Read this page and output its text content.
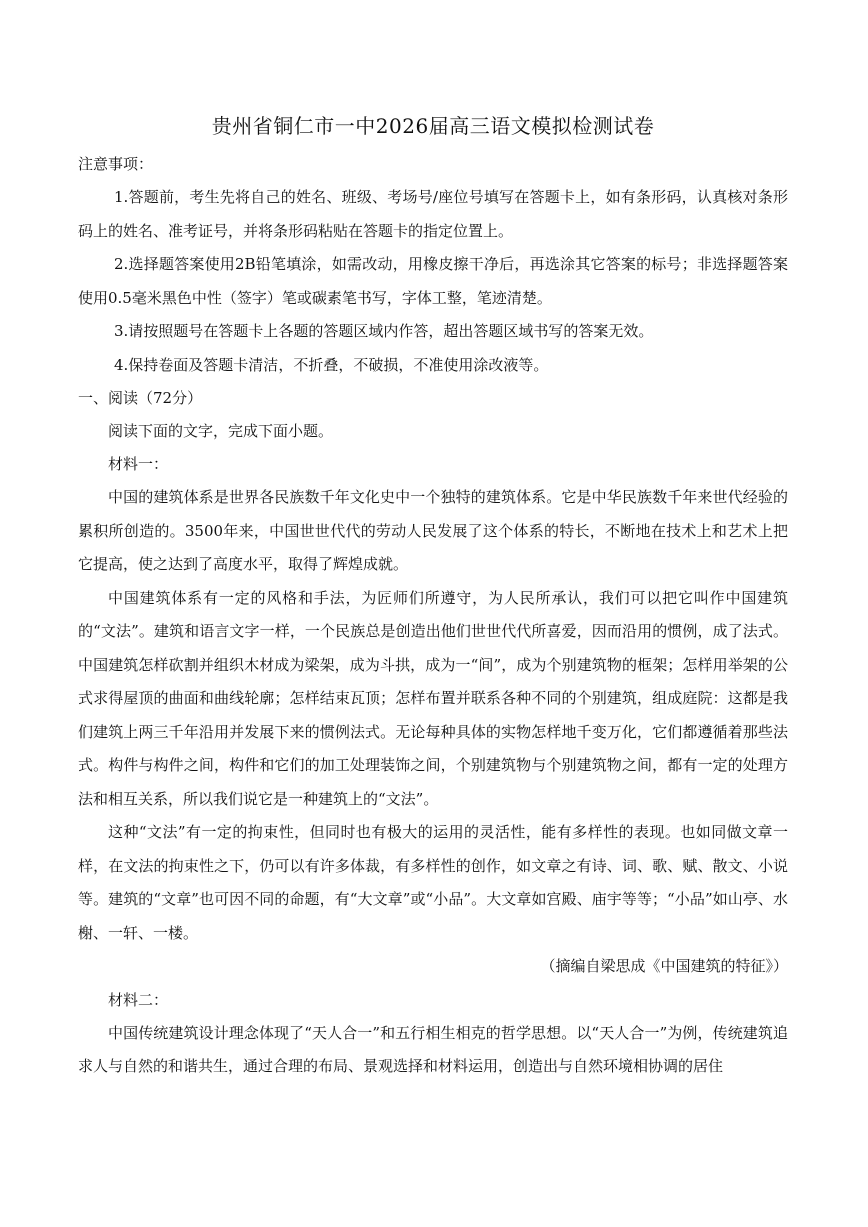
贵州省铜仁市一中2026届高三语文模拟检测试卷
注意事项：

1.答题前，考生先将自己的姓名、班级、考场号/座位号填写在答题卡上，如有条形码，认真核对条形码上的姓名、准考证号，并将条形码粘贴在答题卡的指定位置上。

2.选择题答案使用2B铅笔填涂，如需改动，用橡皮擦干净后，再选涂其它答案的标号；非选择题答案使用0.5毫米黑色中性（签字）笔或碳素笔书写，字体工整，笔迹清楚。

3.请按照题号在答题卡上各题的答题区域内作答，超出答题区域书写的答案无效。

4.保持卷面及答题卡清洁，不折叠，不破损，不准使用涂改液等。

一、阅读（72分）
阅读下面的文字，完成下面小题。
材料一：

中国的建筑体系是世界各民族数千年文化史中一个独特的建筑体系。它是中华民族数千年来世代经验的累积所创造的。3500年来，中国世世代代的劳动人民发展了这个体系的特长，不断地在技术上和艺术上把它提高，使之达到了高度水平，取得了辉煌成就。

中国建筑体系有一定的风格和手法，为匠师们所遵守，为人民所承认，我们可以把它叫作中国建筑的“文法”。建筑和语言文字一样，一个民族总是创造出他们世世代代所喜爱，因而沿用的惯例，成了法式。中国建筑怎样砍割并组织木材成为梁架，成为斗拱，成为一“间”，成为个别建筑物的框架；怎样用举架的公式求得屋顶的曲面和曲线轮廓；怎样结束瓦顶；怎样布置并联系各种不同的个别建筑，组成庭院：这都是我们建筑上两三千年沿用并发展下来的惯例法式。无论每种具体的实物怎样地千变万化，它们都遵循着那些法式。构件与构件之间，构件和它们的加工处理装饰之间，个别建筑物与个别建筑物之间，都有一定的处理方法和相互关系，所以我们说它是一种建筑上的“文法”。

这种“文法”有一定的拘束性，但同时也有极大的运用的灵活性，能有多样性的表现。也如同做文章一样，在文法的拘束性之下，仍可以有许多体裁，有多样性的创作，如文章之有诗、词、歌、赋、散文、小说等。建筑的“文章”也可因不同的命题，有“大文章”或“小品”。大文章如宫殿、庙宇等等；“小品”如山亭、水榭、一轩、一楼。

（摘编自梁思成《中国建筑的特征》）

材料二：

中国传统建筑设计理念体现了“天人合一”和五行相生相克的哲学思想。以“天人合一”为例，传统建筑追求人与自然的和谐共生，通过合理的布局、景观选择和材料运用，创造出与自然环境相协调的居住
